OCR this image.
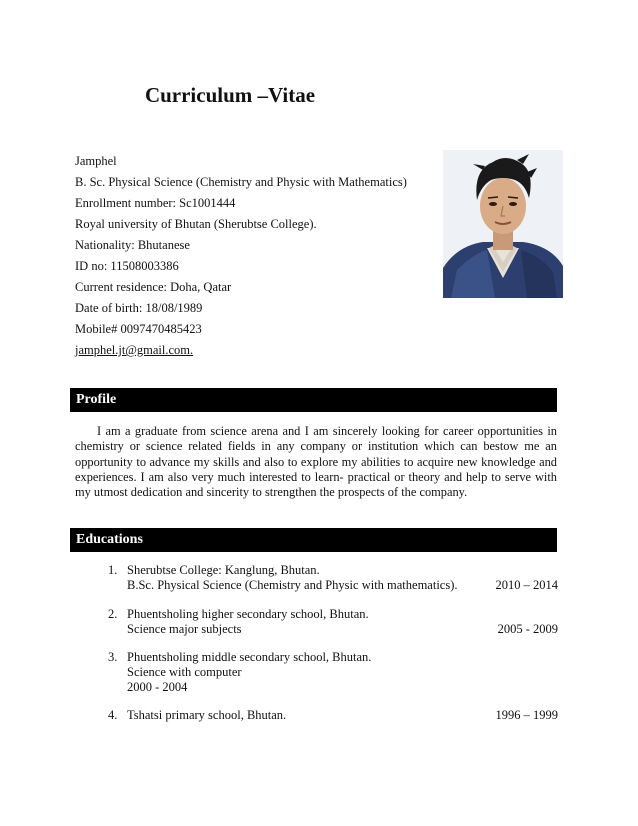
Curriculum –Vitae
Jamphel
B. Sc. Physical Science (Chemistry and Physic with Mathematics)
Enrollment number: Sc1001444
Royal university of Bhutan (Sherubtse College).
Nationality: Bhutanese
ID no: 11508003386
Current residence: Doha, Qatar
Date of birth: 18/08/1989
Mobile# 0097470485423
jamphel.jt@gmail.com.
Profile
I am a graduate from science arena and I am sincerely looking for career opportunities in chemistry or science related fields in any company or institution which can bestow me an opportunity to advance my skills and also to explore my abilities to acquire new knowledge and experiences. I am also very much interested to learn- practical or theory and help to serve with my utmost dedication and sincerity to strengthen the prospects of the company.
Educations
1. Sherubtse College: Kanglung, Bhutan.
B.Sc. Physical Science (Chemistry and Physic with mathematics).	2010 – 2014
2. Phuentsholing higher secondary school, Bhutan.
Science major subjects	2005 - 2009
3. Phuentsholing middle secondary school, Bhutan.
Science with computer
2000 - 2004
4. Tshatsi primary school, Bhutan.	1996 – 1999
